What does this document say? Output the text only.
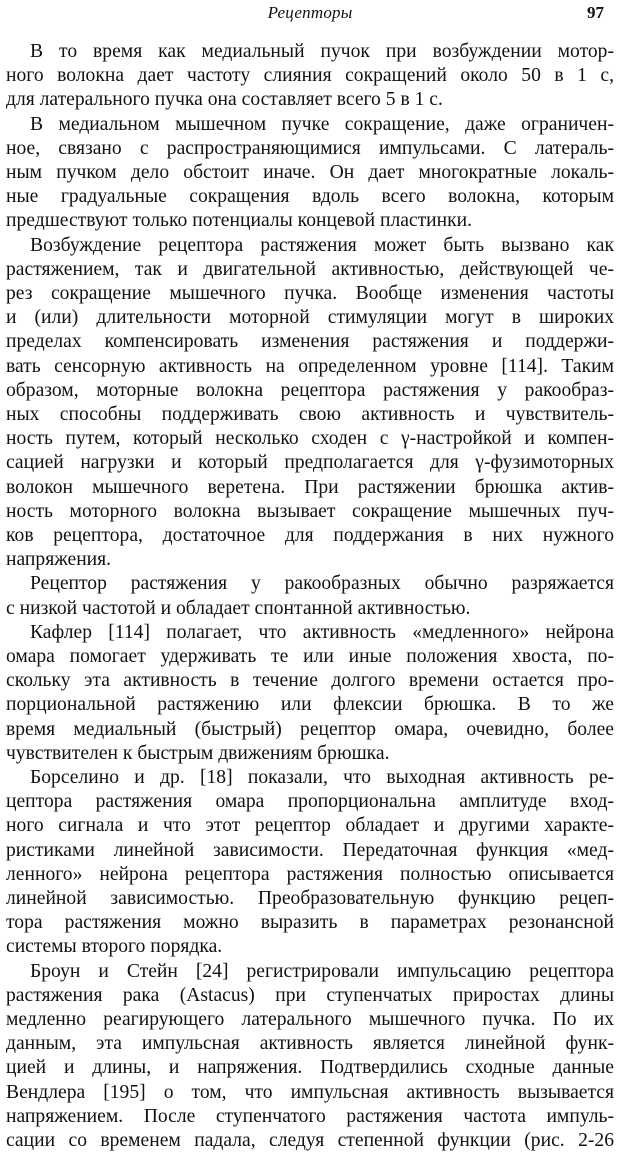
Рецепторы	97
В то время как медиальный пучок при возбуждении мотор-
ного волокна дает частоту слияния сокращений около 50 в 1 с,
для латерального пучка она составляет всего 5 в 1 с.
В медиальном мышечном пучке сокращение, даже ограничен-
ное, связано с распространяющимися импульсами. С латераль-
ным пучком дело обстоит иначе. Он дает многократные локаль-
ные градуальные сокращения вдоль всего волокна, которым
предшествуют только потенциалы концевой пластинки.
Возбуждение рецептора растяжения может быть вызвано как
растяжением, так и двигательной активностью, действующей че-
рез сокращение мышечного пучка. Вообще изменения частоты
и (или) длительности моторной стимуляции могут в широких
пределах компенсировать изменения растяжения и поддержи-
вать сенсорную активность на определенном уровне [114]. Таким
образом, моторные волокна рецептора растяжения у ракообраз-
ных способны поддерживать свою активность и чувствитель-
ность путем, который несколько сходен с γ-настройкой и компен-
сацией нагрузки и который предполагается для γ-фузимоторных
волокон мышечного веретена. При растяжении брюшка актив-
ность моторного волокна вызывает сокращение мышечных пуч-
ков рецептора, достаточное для поддержания в них нужного
напряжения.
Рецептор растяжения у ракообразных обычно разряжается
с низкой частотой и обладает спонтанной активностью.
Кафлер [114] полагает, что активность «медленного» нейрона
омара помогает удерживать те или иные положения хвоста, по-
скольку эта активность в течение долгого времени остается про-
порциональной растяжению или флексии брюшка. В то же
время медиальный (быстрый) рецептор омара, очевидно, более
чувствителен к быстрым движениям брюшка.
Борселино и др. [18] показали, что выходная активность ре-
цептора растяжения омара пропорциональна амплитуде вход-
ного сигнала и что этот рецептор обладает и другими характе-
ристиками линейной зависимости. Передаточная функция «мед-
ленного» нейрона рецептора растяжения полностью описывается
линейной зависимостью. Преобразовательную функцию рецеп-
тора растяжения можно выразить в параметрах резонансной
системы второго порядка.
Броун и Стейн [24] регистрировали импульсацию рецептора
растяжения рака (Astacus) при ступенчатых приростах длины
медленно реагирующего латерального мышечного пучка. По их
данным, эта импульсная активность является линейной функ-
цией и длины, и напряжения. Подтвердились сходные данные
Вендлера [195] о том, что импульсная активность вызывается
напряжением. После ступенчатого растяжения частота импуль-
сации со временем падала, следуя степенной функции (рис. 2-26
